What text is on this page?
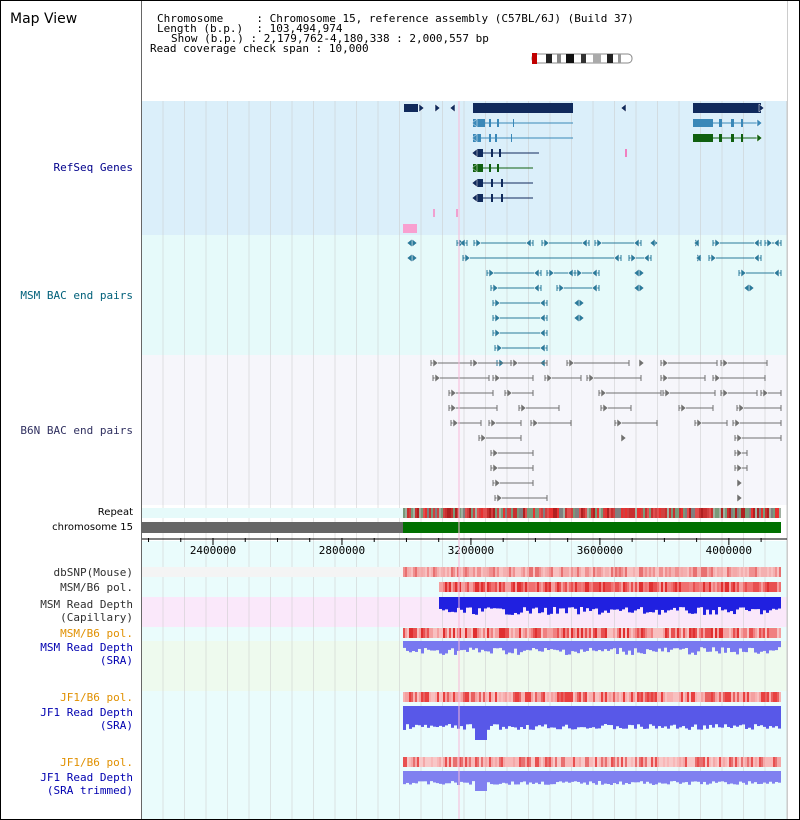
Map View	Chromosome     : Chromosome 15, reference assembly (C57BL/6J) (Build 37)
Length (b.p.)  : 103,494,974
Show (b.p.) : 2,179,762-4,180,338 : 2,000,557 bp
Read coverage check span : 10,000
2400000	2800000	3200000	3600000	4000000
RefSeq Genes
MSM BAC end pairs
B6N BAC end pairs
Repeat
chromosome 15
dbSNP(Mouse)
MSM/B6 pol.
MSM Read Depth
(Capillary)
MSM/B6 pol.
MSM Read Depth
(SRA)
JF1/B6 pol.
JF1 Read Depth
(SRA)
JF1/B6 pol.
JF1 Read Depth
(SRA trimmed)
